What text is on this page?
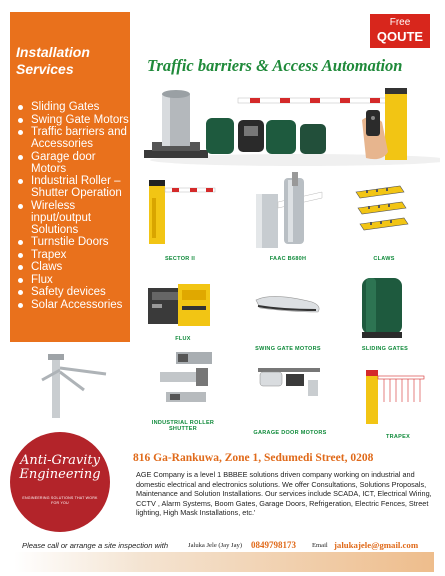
Installation
Services
Sliding Gates
Swing Gate Motors
Traffic barriers and Accessories
Garage door Motors
Industrial Roller – Shutter Operation
Wireless input/output Solutions
Turnstile Doors
Trapex
Claws
Flux
Safety devices
Solar Accessories
Free
QOUTE
Traffic barriers & Access Automation
SECTOR II	FAAC B680H	CLAWS
FLUX
SWING GATE MOTORS	SLIDING GATES
INDUSTRIAL ROLLER SHUTTER
GARAGE DOOR MOTORS
TRAPEX
Anti-Gravity
Engineering
ENGINEERING SOLUTIONS THAT WORK FOR YOU
816 Ga-Rankuwa, Zone 1, Sedumedi Street, 0208
AGE Company is a level 1 BBBEE solutions driven company working on industrial and domestic electrical and electronics solutions. We offer Consultations, Solutions Proposals, Maintenance and Solution Installations. Our services include SCADA, ICT, Electrical Wiring, CCTV , Alarm Systems, Boom Gates, Garage Doors, Refrigeration, Electric Fences, Street lighting, High Mask Installations, etc.'
Please call or arrange a site inspection with	Jaluka Jele (Jay Jay) 0849798173 Email jalukajele@gmail.com
